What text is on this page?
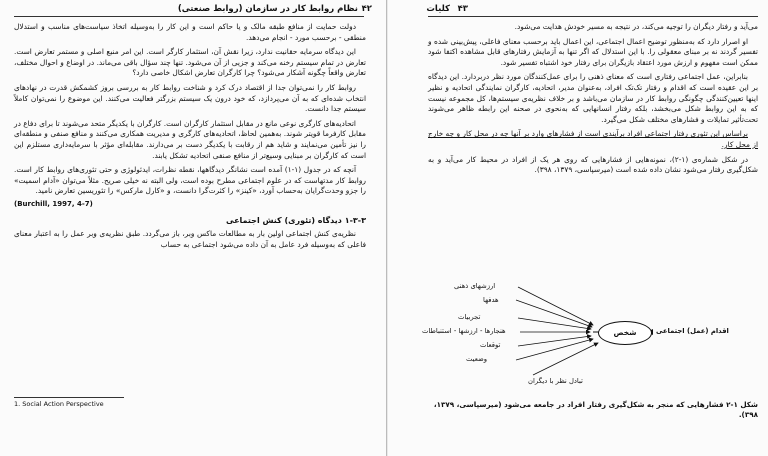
۴۲
نظام روابط کار در سازمان (روابط صنعتی)

دولت حمایت از منافع طبقه مالک و یا حاکم است و این کار را به‌وسیله اتخاذ سیاست‌های مناسب و استدلال منطقی - برحسب مورد - انجام می‌دهد.

این دیدگاه سرمایه حقانیت ندارد، زیرا نقش آن، استثمار کارگر است. این امر منبع اصلی و مستمر تعارض است. تعارض در تمام سیستم رخنه می‌کند و جزیی از آن می‌شود. تنها چند سؤال باقی می‌ماند. در اوضاع و احوال مختلف، تعارض واقعاً چگونه آشکار می‌شود؟ چرا کارگران تعارض اشکال خاصی دارد؟

روابط کار را نمی‌توان جدا از اقتصاد درک کرد و شناخت روابط کار به بررسی بروز کشمکش قدرت در نهادهای انتخاب شده‌ای که به آن می‌پردازد، که خود درون یک سیستم بزرگتر فعالیت می‌کنند. این موضوع را نمی‌توان کاملاً سیستم جدا دانست.

اتحادیه‌های کارگری نوعی مانع در مقابل استثمار کارگران است. کارگران با یکدیگر متحد می‌شوند تا برای دفاع در مقابل کارفرما قویتر شوند. به‌همین لحاظ، اتحادیه‌های کارگری و مدیریت همکاری می‌کنند و منافع صنفی و منطقه‌ای را نیز تأمین می‌نمایند و شاید هم از رقابت با یکدیگر دست بر می‌دارند. مقابله‌ای مؤثر با سرمایه‌داری مستلزم این است که کارگران بر مبنایی وسیع‌تر از منافع صنفی اتحادیه تشکل یابند.

آنچه که در جدول (۱-۱) آمده است نشانگر دیدگاهها، نقطه نظرات، ایدئولوژی و حتی تئوری‌های روابط کار است. روابط کار مدتهاست که در علوم اجتماعی مطرح بوده است، ولی البته نه خیلی صریح. مثلاً می‌توان «آدام اسمیت» را جزو وحدت‌گرایان به‌حساب آورد، «کینز» را کثرت‌گرا دانست، و «کارل مارکس» را تئوریسین تعارض نامید.

(Burchill, 1997, 4-7)
۱-۳-۳ دیدگاه (تئوری) کنش اجتماعی

نظریه‌ی کنش اجتماعی اولین بار به مطالعات ماکس وبر، باز می‌گردد. طبق نظریه‌ی وبر عمل را به اعتبار معنای فاعلی که به‌وسیله فرد عامل به آن داده می‌شود اجتماعی به حساب

1. Social Action Perspective
۴۳
کلیات

می‌آید و رفتار دیگران را توجیه می‌کند، در نتیجه به مسیر خودش هدایت می‌شود.

او اصرار دارد که به‌منظور توضیح اعمال اجتماعی، این اعمال باید برحسب معنای فاعلی، پیش‌بینی شده و تفسیر گردند نه بر مبنای معقولی را. با این استدلال که اگر تنها به آزمایش رفتارهای قابل مشاهده اکتفا شود ممکن است مفهوم و ارزش مورد اعتقاد بازیگران برای رفتار خود اشتباه تفسیر شود.

بنابراین، عمل اجتماعی رفتاری است که معنای ذهنی را برای عمل‌کنندگان مورد نظر دربردارد. این دیدگاه بر این عقیده است که اقدام و رفتار تک‌تک افراد، به‌عنوان مدیر، اتحادیه، کارگران نمایندگی اتحادیه و نظیر اینها تعیین‌کنندگی چگونگی روابط کار در سازمان می‌باشد و بر خلاف نظریه‌ی سیستم‌ها، کل مجموعه نیست که به این روابط شکل می‌بخشد، بلکه رفتار انسانهایی که به‌نحوی در صحنه این رابطه ظاهر می‌شوند تحت‌تأثیر تمایلات و فشارهای مختلف شکل می‌گیرد.

براساس این تئوری رفتار اجتماعی افراد برآیندی است از فشارهای وارد بر آنها چه در محل کار و چه خارج از محل کار.

در شکل شماره‌ی (۱-۲)، نمونه‌هایی از فشارهایی که روی هر یک از افراد در محیط کار می‌آید و به شکل‌گیری رفتار می‌شود نشان داده شده است (میرسپاسی، ۱۳۷۹، ۳۹۸).

شخص	اقدام (عمل) اجتماعی
ارزشهای ذهنی
هدفها
تجربیات
هنجارها - ارزشها - استنباطات
توقعات
وضعیت
تبادل نظر با دیگران
شکل ۱-۲ فشارهایی که منجر به شکل‌گیری رفتار افراد در جامعه می‌شود (میرسپاسی، ۱۳۷۹، ۳۹۸).
